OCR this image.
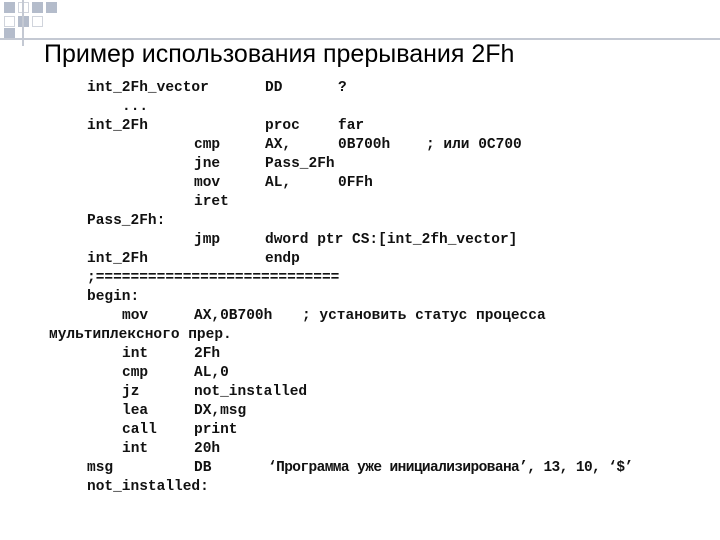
Пример использования прерывания 2Fh
int_2Fh_vector	DD	?
...
int_2Fh	proc	far
cmp	AX,	0B700h ; или 0C700
jne	Pass_2Fh
mov	AL,	0FFh
iret
Pass_2Fh:
jmp	dword ptr CS:[int_2fh_vector]
int_2Fh	endp
;============================
begin:
mov	AX,0B700h ; установить статус процесса
мультиплексного прер.
int	2Fh
cmp	AL,0
jz	not_installed
lea	DX,msg
call	print
int	20h
msg	DB	‘Программа уже инициализирована’, 13, 10, ‘$’
not_installed:
